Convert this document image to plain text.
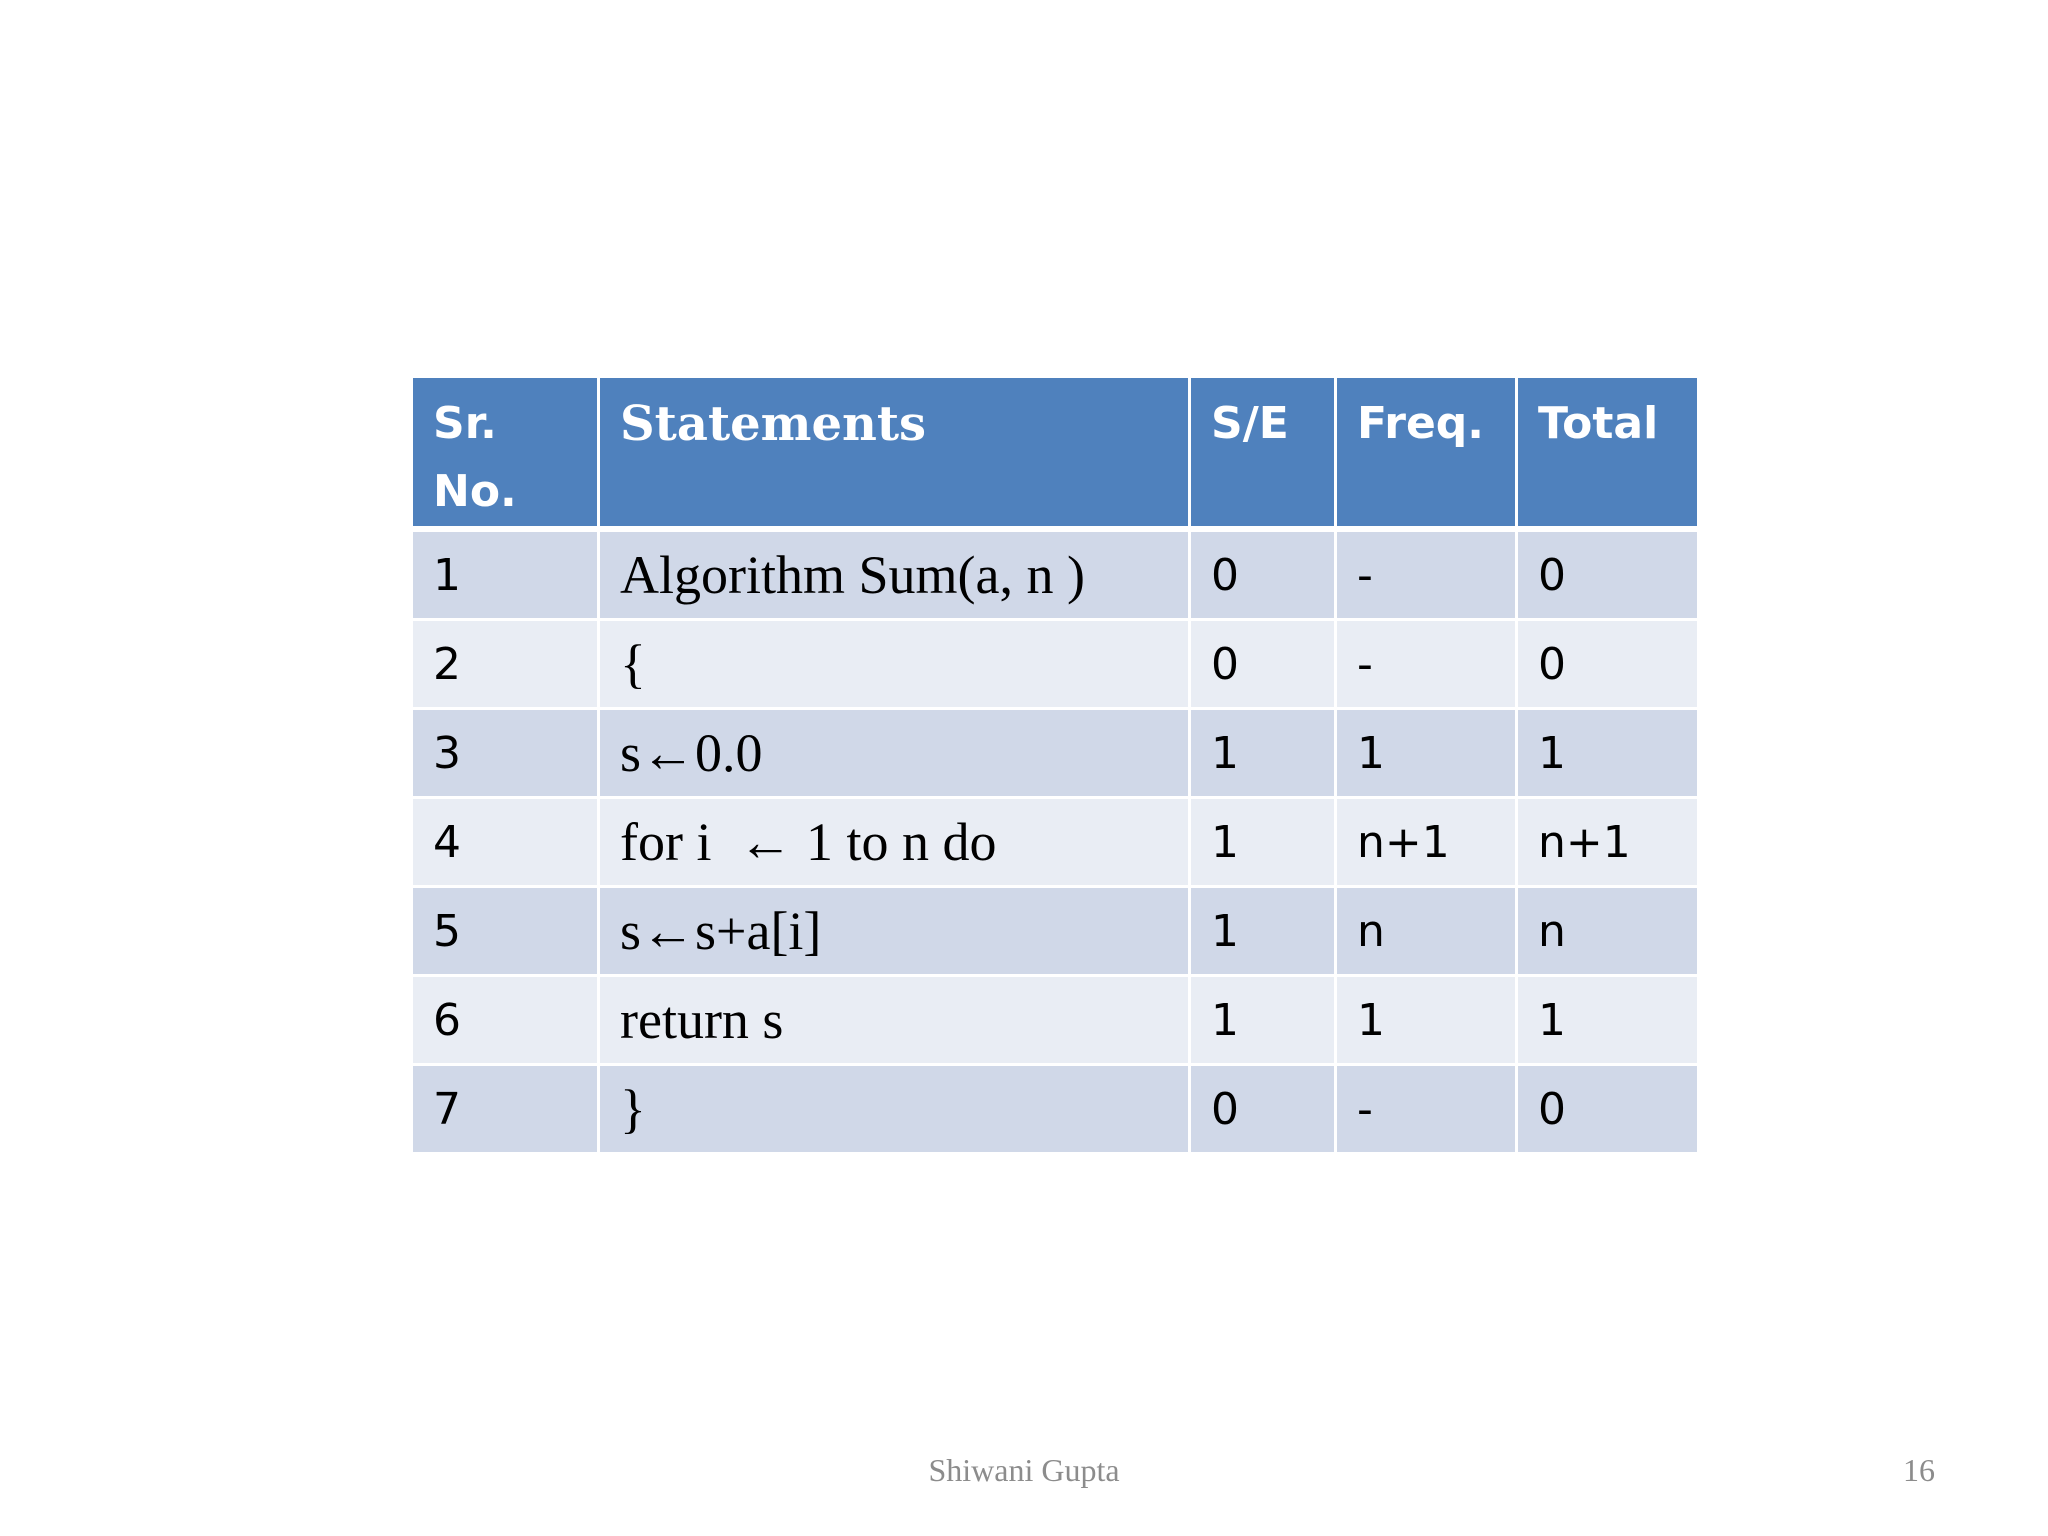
Sr.
No.	Statements	S/E	Freq.	Total
1	Algorithm Sum(a, n )	0	-	0
2	{	0	-	0
3	s←0.0	1	1	1
4	for i  ← 1 to n do	1	n+1	n+1
5	s←s+a[i]	1	n	n
6	return s	1	1	1
7	}	0	-	0
Shiwani Gupta	16
